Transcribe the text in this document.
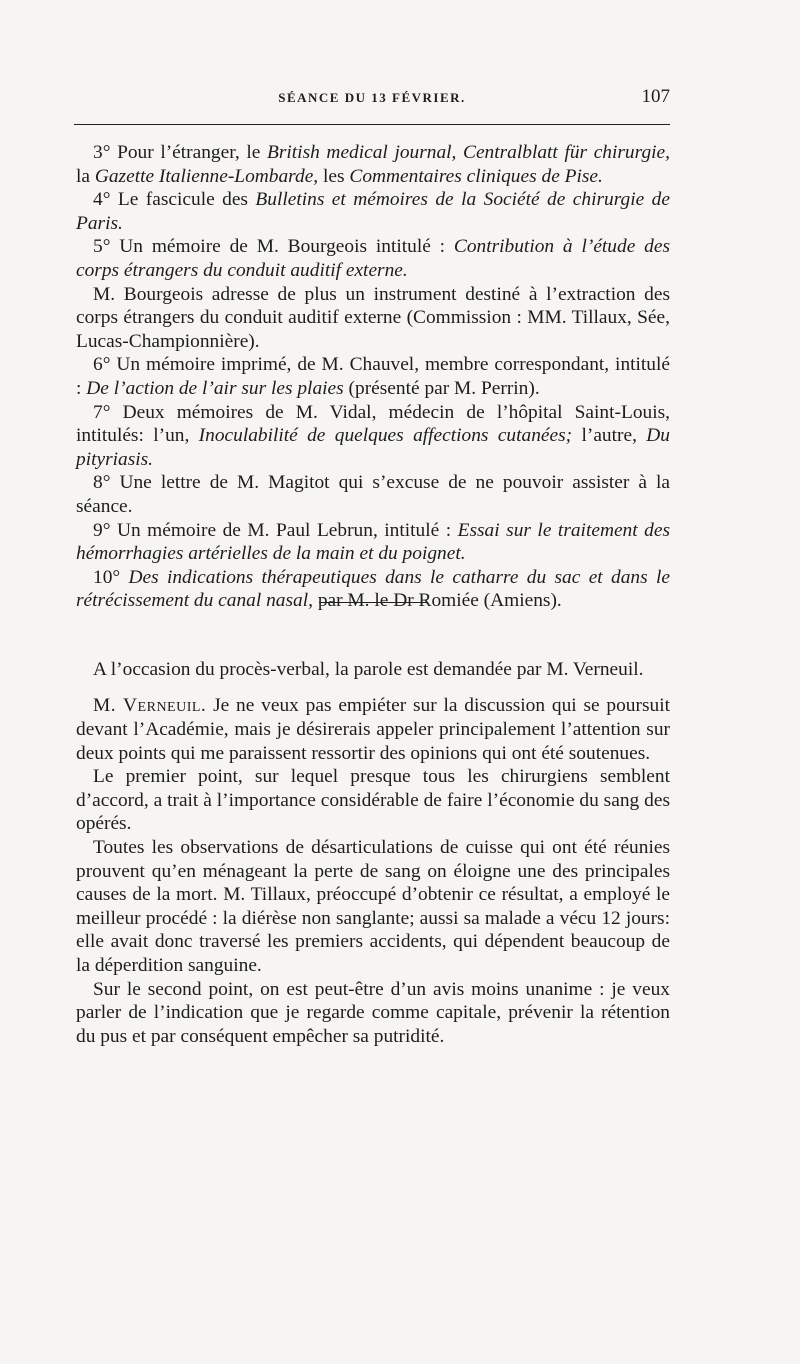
SÉANCE DU 13 FÉVRIER.	107

3° Pour l’étranger, le British medical journal, Centralblatt für chirurgie, la Gazette Italienne-Lombarde, les Commentaires cliniques de Pise.

4° Le fascicule des Bulletins et mémoires de la Société de chirurgie de Paris.

5° Un mémoire de M. Bourgeois intitulé : Contribution à l’étude des corps étrangers du conduit auditif externe.

M. Bourgeois adresse de plus un instrument destiné à l’extraction des corps étrangers du conduit auditif externe (Commission : MM. Tillaux, Sée, Lucas-Championnière).

6° Un mémoire imprimé, de M. Chauvel, membre correspondant, intitulé : De l’action de l’air sur les plaies (présenté par M. Perrin).

7° Deux mémoires de M. Vidal, médecin de l’hôpital Saint-Louis, intitulés: l’un, Inoculabilité de quelques affections cutanées; l’autre, Du pityriasis.

8° Une lettre de M. Magitot qui s’excuse de ne pouvoir assister à la séance.

9° Un mémoire de M. Paul Lebrun, intitulé : Essai sur le traitement des hémorrhagies artérielles de la main et du poignet.

10° Des indications thérapeutiques dans le catharre du sac et dans le rétrécissement du canal nasal, par M. le Dr Romiée (Amiens).

A l’occasion du procès-verbal, la parole est demandée par M. Verneuil.

M. Verneuil. Je ne veux pas empiéter sur la discussion qui se poursuit devant l’Académie, mais je désirerais appeler principalement l’attention sur deux points qui me paraissent ressortir des opinions qui ont été soutenues.

Le premier point, sur lequel presque tous les chirurgiens semblent d’accord, a trait à l’importance considérable de faire l’économie du sang des opérés.

Toutes les observations de désarticulations de cuisse qui ont été réunies prouvent qu’en ménageant la perte de sang on éloigne une des principales causes de la mort. M. Tillaux, préoccupé d’obtenir ce résultat, a employé le meilleur procédé : la diérèse non sanglante; aussi sa malade a vécu 12 jours: elle avait donc traversé les premiers accidents, qui dépendent beaucoup de la déperdition sanguine.

Sur le second point, on est peut-être d’un avis moins unanime : je veux parler de l’indication que je regarde comme capitale, prévenir la rétention du pus et par conséquent empêcher sa putridité.
